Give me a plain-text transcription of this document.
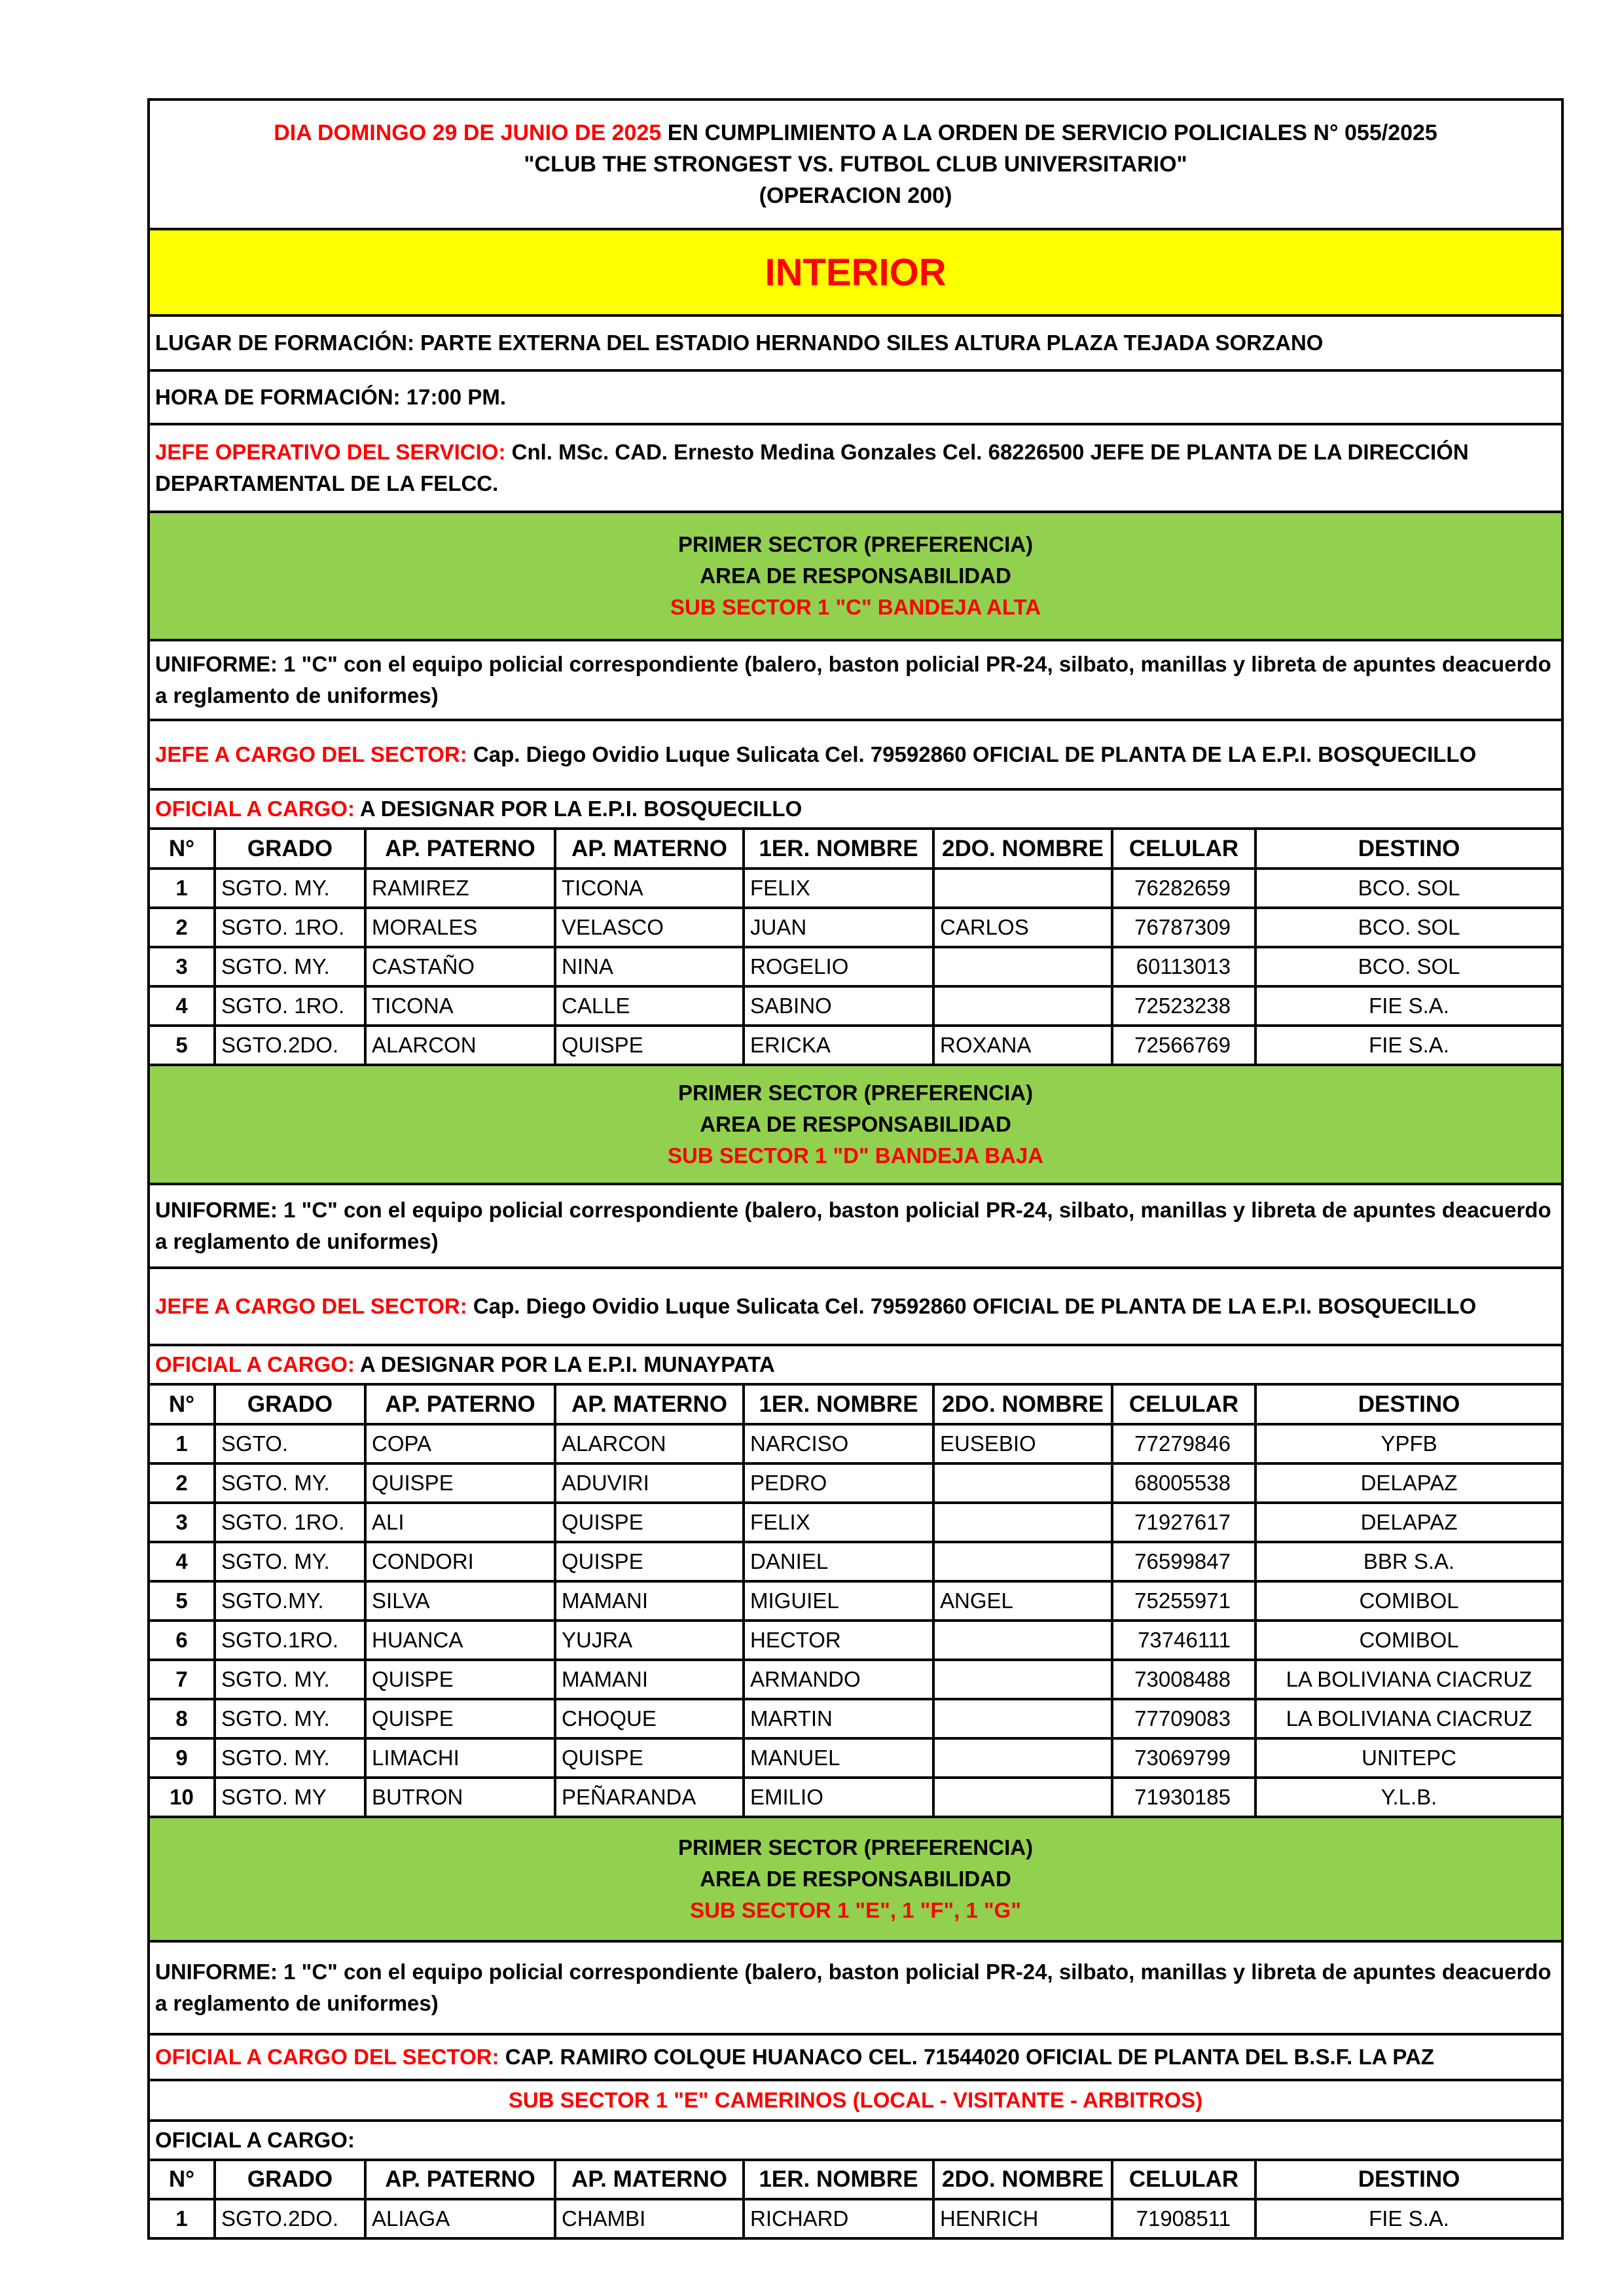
DIA DOMINGO 29 DE JUNIO DE 2025 EN CUMPLIMIENTO A LA ORDEN DE SERVICIO POLICIALES N° 055/2025
"CLUB THE STRONGEST VS. FUTBOL CLUB UNIVERSITARIO"
(OPERACION 200)							

INTERIOR							
LUGAR DE FORMACIÓN: PARTE EXTERNA DEL ESTADIO HERNANDO SILES ALTURA PLAZA TEJADA SORZANO							
HORA DE FORMACIÓN: 17:00 PM.							
JEFE OPERATIVO DEL SERVICIO: Cnl. MSc. CAD. Ernesto Medina Gonzales Cel. 68226500 JEFE DE PLANTA DE LA DIRECCIÓN DEPARTAMENTAL DE LA FELCC.							

PRIMER SECTOR (PREFERENCIA)
AREA DE RESPONSABILIDAD
SUB SECTOR 1 "C" BANDEJA ALTA							

UNIFORME: 1 "C" con el equipo policial correspondiente (balero, baston policial PR-24, silbato, manillas y libreta de apuntes deacuerdo a reglamento de uniformes)							
JEFE A CARGO DEL SECTOR: Cap. Diego Ovidio Luque Sulicata Cel. 79592860 OFICIAL DE PLANTA DE LA E.P.I. BOSQUECILLO							
OFICIAL A CARGO: A DESIGNAR POR LA E.P.I. BOSQUECILLO							
N°	GRADO	AP. PATERNO	AP. MATERNO	1ER. NOMBRE	2DO. NOMBRE	CELULAR	DESTINO
1	SGTO. MY.	RAMIREZ	TICONA	FELIX		76282659	BCO. SOL
2	SGTO. 1RO.	MORALES	VELASCO	JUAN	CARLOS	76787309	BCO. SOL
3	SGTO. MY.	CASTAÑO	NINA	ROGELIO		60113013	BCO. SOL
4	SGTO. 1RO.	TICONA	CALLE	SABINO		72523238	FIE S.A.
5	SGTO.2DO.	ALARCON	QUISPE	ERICKA	ROXANA	72566769	FIE S.A.

PRIMER SECTOR (PREFERENCIA)
AREA DE RESPONSABILIDAD
SUB SECTOR 1 "D" BANDEJA BAJA							

UNIFORME: 1 "C" con el equipo policial correspondiente (balero, baston policial PR-24, silbato, manillas y libreta de apuntes deacuerdo a reglamento de uniformes)							
JEFE A CARGO DEL SECTOR: Cap. Diego Ovidio Luque Sulicata Cel. 79592860 OFICIAL DE PLANTA DE LA E.P.I. BOSQUECILLO							
OFICIAL A CARGO: A DESIGNAR POR LA E.P.I. MUNAYPATA							
N°	GRADO	AP. PATERNO	AP. MATERNO	1ER. NOMBRE	2DO. NOMBRE	CELULAR	DESTINO
1	SGTO.	COPA	ALARCON	NARCISO	EUSEBIO	77279846	YPFB
2	SGTO. MY.	QUISPE	ADUVIRI	PEDRO		68005538	DELAPAZ
3	SGTO. 1RO.	ALI	QUISPE	FELIX		71927617	DELAPAZ
4	SGTO. MY.	CONDORI	QUISPE	DANIEL		76599847	BBR S.A.
5	SGTO.MY.	SILVA	MAMANI	MIGUIEL	ANGEL	75255971	COMIBOL
6	SGTO.1RO.	HUANCA	YUJRA	HECTOR		73746111	COMIBOL
7	SGTO. MY.	QUISPE	MAMANI	ARMANDO		73008488	LA BOLIVIANA CIACRUZ
8	SGTO. MY.	QUISPE	CHOQUE	MARTIN		77709083	LA BOLIVIANA CIACRUZ
9	SGTO. MY.	LIMACHI	QUISPE	MANUEL		73069799	UNITEPC
10	SGTO. MY	BUTRON	PEÑARANDA	EMILIO		71930185	Y.L.B.

PRIMER SECTOR (PREFERENCIA)
AREA DE RESPONSABILIDAD
SUB SECTOR 1 "E", 1 "F", 1 "G"							

UNIFORME: 1 "C" con el equipo policial correspondiente (balero, baston policial PR-24, silbato, manillas y libreta de apuntes deacuerdo a reglamento de uniformes)							
OFICIAL A CARGO DEL SECTOR: CAP. RAMIRO COLQUE HUANACO CEL. 71544020 OFICIAL DE PLANTA DEL B.S.F. LA PAZ							
SUB SECTOR 1 "E" CAMERINOS (LOCAL - VISITANTE - ARBITROS)							
OFICIAL A CARGO:							
N°	GRADO	AP. PATERNO	AP. MATERNO	1ER. NOMBRE	2DO. NOMBRE	CELULAR	DESTINO
1	SGTO.2DO.	ALIAGA	CHAMBI	RICHARD	HENRICH	71908511	FIE S.A.
